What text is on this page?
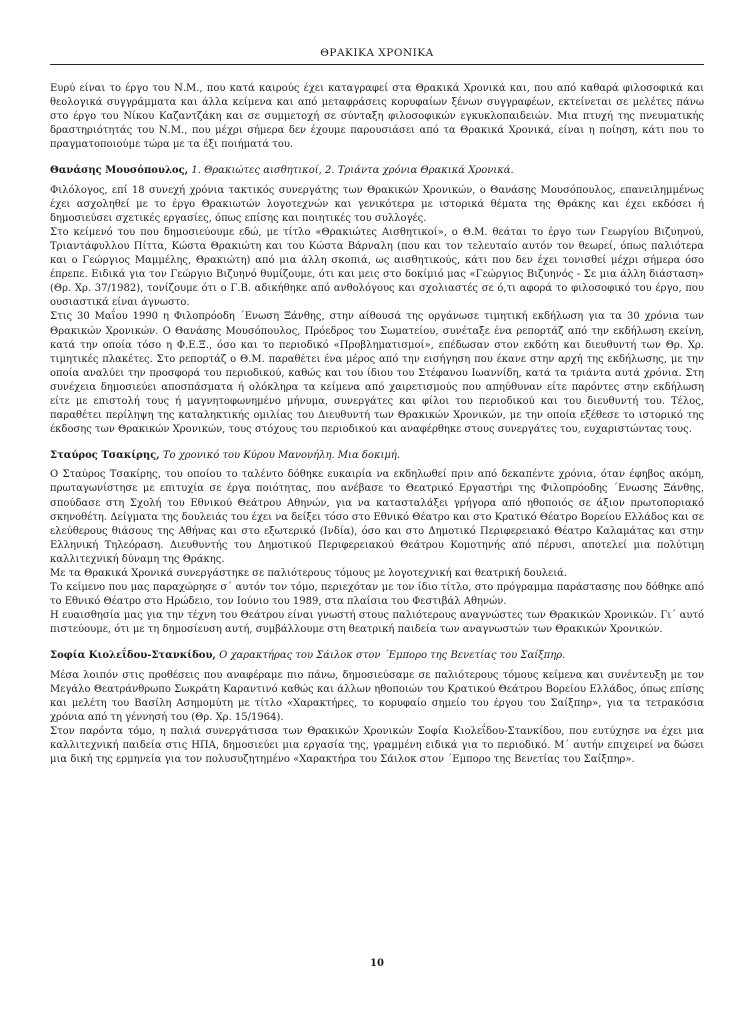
ΘΡΑΚΙΚΑ ΧΡΟΝΙΚΑ

Ευρύ είναι το έργο του Ν.Μ., που κατά καιρούς έχει καταγραφεί στα Θρακικά Χρονικά και, που από καθαρά φιλοσοφικά και θεολογικά συγγράμματα και άλλα κείμενα και από μεταφράσεις κορυφαίων ξένων συγγραφέων, εκτείνεται σε μελέτες πάνω στο έργο του Νίκου Καζαντζάκη και σε συμμετοχή σε σύνταξη φιλοσοφικών εγκυκλοπαιδειών. Μια πτυχή της πνευματικής δραστηριότητάς του Ν.Μ., που μέχρι σήμερα δεν έχουμε παρουσιάσει από τα Θρακικά Χρονικά, είναι η ποίηση, κάτι που το πραγματοποιούμε τώρα με τα έξι ποιήματά του.

Θανάσης Μουσόπουλος, 1. Θρακιώτες αισθητικοί, 2. Τριάντα χρόνια Θρακικά Χρονικά.

Φιλόλογος, επί 18 συνεχή χρόνια τακτικός συνεργάτης των Θρακικών Χρονικών, ο Θανάσης Μουσόπουλος, επανειλημμένως έχει ασχοληθεί με το έργο Θρακιωτών λογοτεχνών και γενικότερα με ιστορικά θέματα της Θράκης και έχει εκδόσει ή δημοσιεύσει σχετικές εργασίες, όπως επίσης και ποιητικές του συλλογές.

Στο κείμενό του που δημοσιεύουμε εδώ, με τίτλο «Θρακιώτες Αισθητικοί», ο Θ.Μ. θεάται το έργο των Γεωργίου Βιζυηνού, Τριαντάφυλλου Πίττα, Κώστα Θρακιώτη και του Κώστα Βάρναλη (που και τον τελευταίο αυτόν τον θεωρεί, όπως παλιότερα και ο Γεώργιος Μαμμέλης, Θρακιώτη) από μια άλλη σκοπιά, ως αισθητικούς, κάτι που δεν έχει τονισθεί μέχρι σήμερα όσο έπρεπε. Ειδικά για τον Γεώργιο Βιζυηνό θυμίζουμε, ότι και μεις στο δοκίμιό μας «Γεώργιος Βιζυηνός - Σε μια άλλη διάσταση» (Θρ. Χρ. 37/1982), τονίζουμε ότι ο Γ.Β. αδικήθηκε από ανθολόγους και σχολιαστές σε ό,τι αφορά το φιλοσοφικό του έργο, που ουσιαστικά είναι άγνωστο.

Στις 30 Μαΐου 1990 η Φιλοπρόοδη ΄Ενωση Ξάνθης, στην αίθουσά της οργάνωσε τιμητική εκδήλωση για τα 30 χρόνια των Θρακικών Χρονικών. Ο Θανάσης Μουσόπουλος, Πρόεδρος του Σωματείου, συνέταξε ένα ρεπορτάζ από την εκδήλωση εκείνη, κατά την οποία τόσο η Φ.Ε.Ξ., όσο και το περιοδικό «Προβληματισμοί», επέδωσαν στον εκδότη και διευθυντή των Θρ. Χρ. τιμητικές πλακέτες. Στο ρεπορτάζ ο Θ.Μ. παραθέτει ένα μέρος από την εισήγηση που έκανε στην αρχή της εκδήλωσης, με την οποία αναλύει την προσφορά του περιοδικού, καθώς και του ίδιου του Στέφανου Ιωαννίδη, κατά τα τριάντα αυτά χρόνια. Στη συνέχεια δημοσιεύει αποσπάσματα ή ολόκληρα τα κείμενα από χαιρετισμούς που απηύθυναν είτε παρόντες στην εκδήλωση είτε με επιστολή τους ή μαγνητοφωνημένο μήνυμα, συνεργάτες και φίλοι του περιοδικού και του διευθυντή του. Τέλος, παραθέτει περίληψη της καταληκτικής ομιλίας του Διευθυντή των Θρακικών Χρονικών, με την οποία εξέθεσε το ιστορικό της έκδοσης των Θρακικών Χρονικών, τους στόχους του περιοδικού και αναφέρθηκε στους συνεργάτες του, ευχαριστώντας τους.

Σταύρος Τσακίρης, Το χρονικό του Κύρου Μανουήλη. Μια δοκιμή.

Ο Σταύρος Τσακίρης, του οποίου το ταλέντο δόθηκε ευκαιρία να εκδηλωθεί πριν από δεκαπέντε χρόνια, όταν έφηβος ακόμη, πρωταγωνίστησε με επιτυχία σε έργα ποιότητας, που ανέβασε το Θεατρικό Εργαστήρι της Φιλοπρόοδης ΄Ενωσης Ξάνθης, σπούδασε στη Σχολή του Εθνικού Θεάτρου Αθηνών, για να κατασταλάξει γρήγορα από ηθοποιός σε άξιον πρωτοποριακό σκηνοθέτη. Δείγματα της δουλειάς του έχει να δείξει τόσο στο Εθνικό Θέατρο και στο Κρατικό Θέατρο Βορείου Ελλάδος και σε ελεύθερους θιάσους της Αθήνας και στο εξωτερικό (Ινδία), όσο και στο Δημοτικό Περιφερειακό Θέατρο Καλαμάτας και στην Ελληνική Τηλεόραση. Διευθυντής του Δημοτικού Περιφερειακού Θεάτρου Κομοτηνής από πέρυσι, αποτελεί μια πολύτιμη καλλιτεχνική δύναμη της Θράκης.

Με τα Θρακικά Χρονικά συνεργάστηκε σε παλιότερους τόμους με λογοτεχνική και θεατρική δουλειά.

Το κείμενο που μας παραχώρησε σ΄ αυτόν τον τόμο, περιεχόταν με τον ίδιο τίτλο, στο πρόγραμμα παράστασης που δόθηκε από το Εθνικό Θέατρο στο Ηρώδειο, τον Ιούνιο του 1989, στα πλαίσια του Φεστιβάλ Αθηνών.

Η ευαισθησία μας για την τέχνη του Θεάτρου είναι γνωστή στους παλιότερους αναγνώστες των Θρακικών Χρονικών. Γι΄ αυτό πιστεύουμε, ότι με τη δημοσίευση αυτή, συμβάλλουμε στη θεατρική παιδεία των αναγνωστών των Θρακικών Χρονικών.

Σοφία Κιολεΐδου-Στανκίδου, Ο χαρακτήρας του Σάιλοκ στον ΄Εμπορο της Βενετίας του Σαίξπηρ.

Μέσα λοιπόν στις προθέσεις που αναφέραμε πιο πάνω, δημοσιεύσαμε σε παλιότερους τόμους κείμενα και συνέντευξη με τον Μεγάλο Θεατράνθρωπο Σωκράτη Καραντινό καθώς και άλλων ηθοποιών του Κρατικού Θεάτρου Βορείου Ελλάδος, όπως επίσης και μελέτη του Βασίλη Ασημομύτη με τίτλο «Χαρακτήρες, το κορυφαίο σημείο του έργου του Σαίξπηρ», για τα τετρακόσια χρόνια από τη γέννησή του (Θρ. Χρ. 15/1964).

Στον παρόντα τόμο, η παλιά συνεργάτισσα των Θρακικών Χρονικών Σοφία Κιολεΐδου-Στανκίδου, που ευτύχησε να έχει μια καλλιτεχνική παιδεία στις ΗΠΑ, δημοσιεύει μια εργασία της, γραμμένη ειδικά για το περιοδικό. Μ΄ αυτήν επιχειρεί να δώσει μια δική της ερμηνεία για τον πολυσυζητημένο «Χαρακτήρα του Σάιλοκ στον ΄Εμπορο της Βενετίας του Σαίξπηρ».

10
